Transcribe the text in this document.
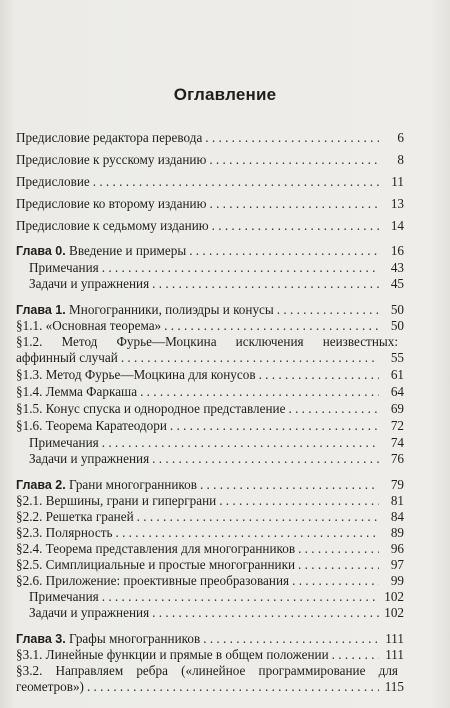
Оглавление
Предисловие редактора перевода . . .	6
Предисловие к русскому изданию . . .	8
Предисловие . . .	11
Предисловие ко второму изданию . . .	13
Предисловие к седьмому изданию . . .	14
Глава 0. Введение и примеры . . .	16
Примечания . . .	43
Задачи и упражнения . . .	45
Глава 1. Многогранники, полиэдры и конусы . . .	50
§1.1. «Основная теорема» . . .	50
§1.2. Метод Фурье—Моцкина исключения неизвестных:
аффинный случай . . .	55
§1.3. Метод Фурье—Моцкина для конусов . . .	61
§1.4. Лемма Фаркаша . . .	64
§1.5. Конус спуска и однородное представление . . .	69
§1.6. Теорема Каратеодори . . .	72
Примечания . . .	74
Задачи и упражнения . . .	76
Глава 2. Грани многогранников . . .	79
§2.1. Вершины, грани и гиперграни . . .	81
§2.2. Решетка граней . . .	84
§2.3. Полярность . . .	89
§2.4. Теорема представления для многогранников . . .	96
§2.5. Симплициальные и простые многогранники . . .	97
§2.6. Приложение: проективные преобразования . . .	99
Примечания . . .	102
Задачи и упражнения . . .	102
Глава 3. Графы многогранников . . .	111
§3.1. Линейные функции и прямые в общем положении . . .	111
§3.2. Направляем ребра («линейное программирование для
геометров») . . .	115
